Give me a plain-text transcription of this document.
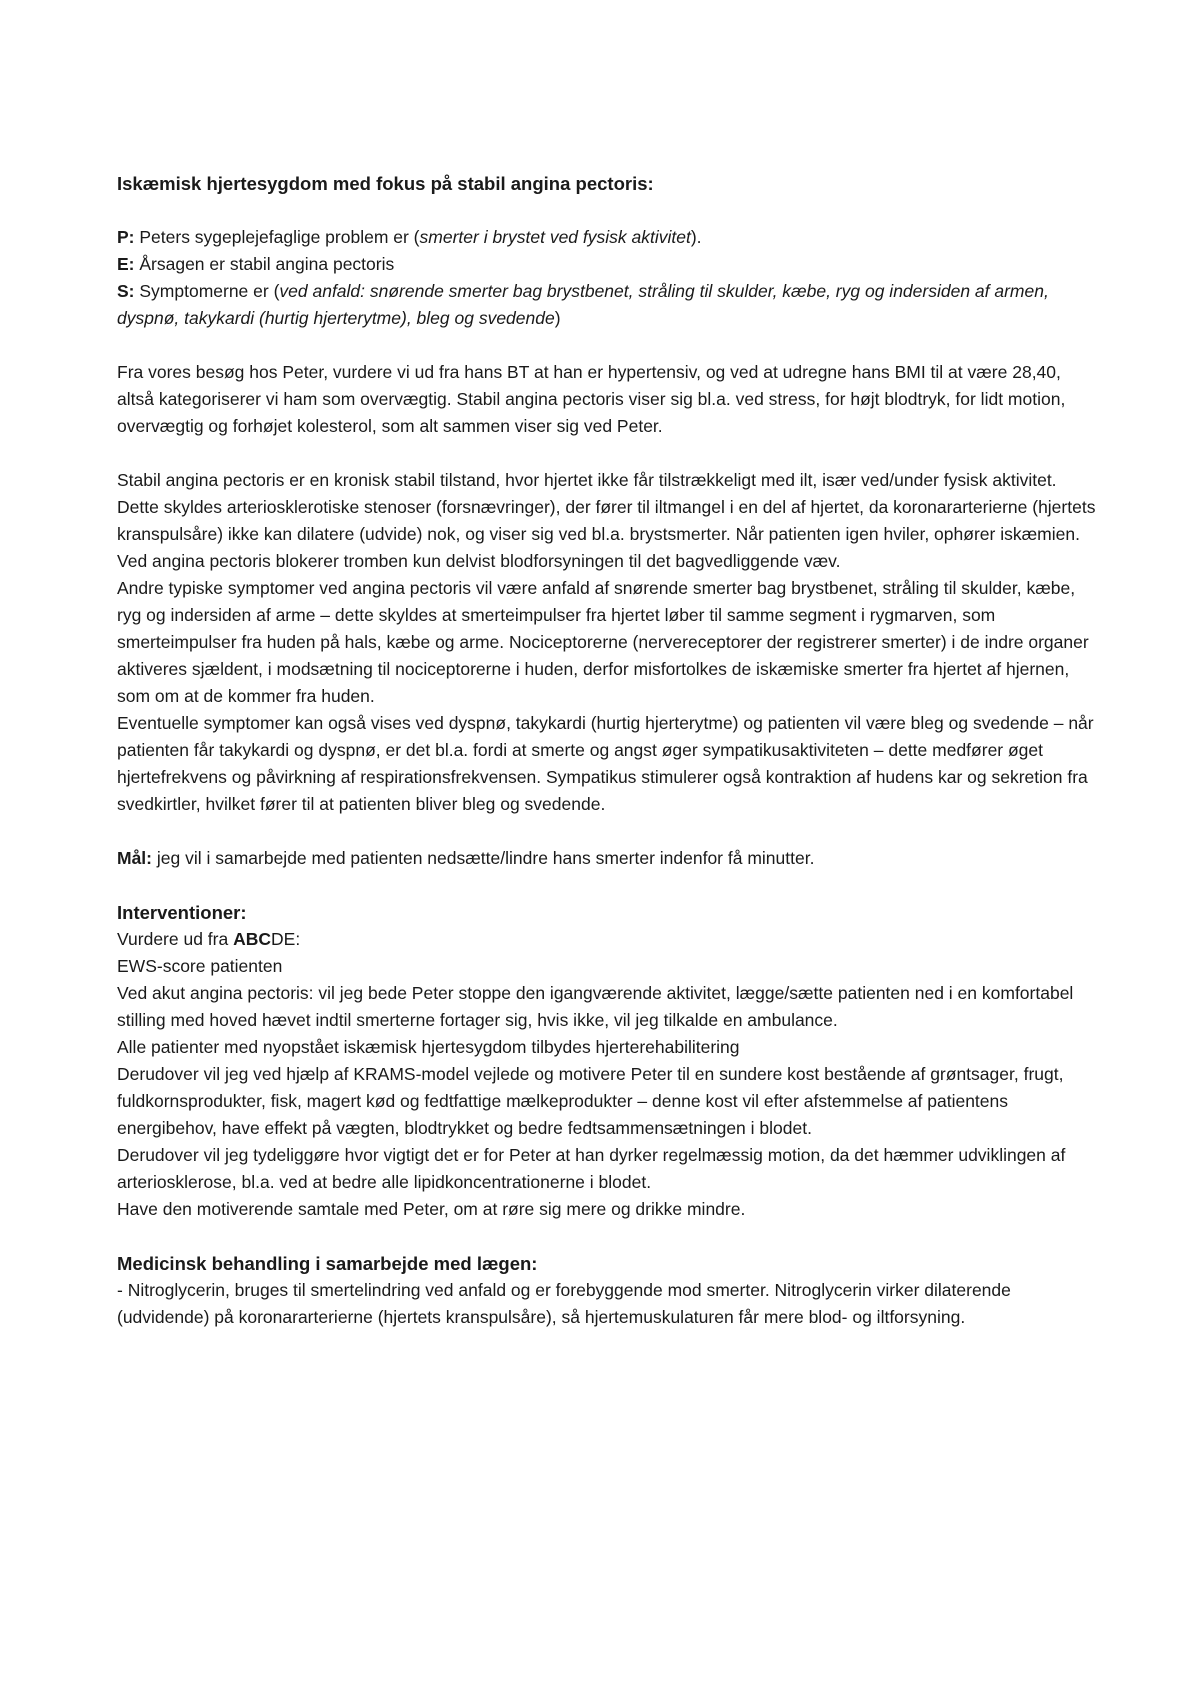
Iskæmisk hjertesygdom med fokus på stabil angina pectoris:

P: Peters sygeplejefaglige problem er (smerter i brystet ved fysisk aktivitet).

E: Årsagen er stabil angina pectoris

S: Symptomerne er (ved anfald: snørende smerter bag brystbenet, stråling til skulder, kæbe, ryg og indersiden af armen, dyspnø, takykardi (hurtig hjerterytme), bleg og svedende)

Fra vores besøg hos Peter, vurdere vi ud fra hans BT at han er hypertensiv, og ved at udregne hans BMI til at være 28,40, altså kategoriserer vi ham som overvægtig. Stabil angina pectoris viser sig bl.a. ved stress, for højt blodtryk, for lidt motion, overvægtig og forhøjet kolesterol, som alt sammen viser sig ved Peter.

Stabil angina pectoris er en kronisk stabil tilstand, hvor hjertet ikke får tilstrækkeligt med ilt, især ved/under fysisk aktivitet. Dette skyldes arteriosklerotiske stenoser (forsnævringer), der fører til iltmangel i en del af hjertet, da koronararterierne (hjertets kranspulsåre) ikke kan dilatere (udvide) nok, og viser sig ved bl.a. brystsmerter. Når patienten igen hviler, ophører iskæmien.

Ved angina pectoris blokerer tromben kun delvist blodforsyningen til det bagvedliggende væv.

Andre typiske symptomer ved angina pectoris vil være anfald af snørende smerter bag brystbenet, stråling til skulder, kæbe, ryg og indersiden af arme – dette skyldes at smerteimpulser fra hjertet løber til samme segment i rygmarven, som smerteimpulser fra huden på hals, kæbe og arme. Nociceptorerne (nervereceptorer der registrerer smerter) i de indre organer aktiveres sjældent, i modsætning til nociceptorerne i huden, derfor misfortolkes de iskæmiske smerter fra hjertet af hjernen, som om at de kommer fra huden.

Eventuelle symptomer kan også vises ved dyspnø, takykardi (hurtig hjerterytme) og patienten vil være bleg og svedende – når patienten får takykardi og dyspnø, er det bl.a. fordi at smerte og angst øger sympatikusaktiviteten – dette medfører øget hjertefrekvens og påvirkning af respirationsfrekvensen. Sympatikus stimulerer også kontraktion af hudens kar og sekretion fra svedkirtler, hvilket fører til at patienten bliver bleg og svedende.

Mål: jeg vil i samarbejde med patienten nedsætte/lindre hans smerter indenfor få minutter.

Interventioner:

Vurdere ud fra ABCDE:

EWS-score patienten

Ved akut angina pectoris: vil jeg bede Peter stoppe den igangværende aktivitet, lægge/sætte patienten ned i en komfortabel stilling med hoved hævet indtil smerterne fortager sig, hvis ikke, vil jeg tilkalde en ambulance.

Alle patienter med nyopstået iskæmisk hjertesygdom tilbydes hjerterehabilitering

Derudover vil jeg ved hjælp af KRAMS-model vejlede og motivere Peter til en sundere kost bestående af grøntsager, frugt, fuldkornsprodukter, fisk, magert kød og fedtfattige mælkeprodukter – denne kost vil efter afstemmelse af patientens energibehov, have effekt på vægten, blodtrykket og bedre fedtsammensætningen i blodet.

Derudover vil jeg tydeliggøre hvor vigtigt det er for Peter at han dyrker regelmæssig motion, da det hæmmer udviklingen af arteriosklerose, bl.a. ved at bedre alle lipidkoncentrationerne i blodet.

Have den motiverende samtale med Peter, om at røre sig mere og drikke mindre.

Medicinsk behandling i samarbejde med lægen:

- Nitroglycerin, bruges til smertelindring ved anfald og er forebyggende mod smerter. Nitroglycerin virker dilaterende (udvidende) på koronararterierne (hjertets kranspulsåre), så hjertemuskulaturen får mere blod- og iltforsyning.
